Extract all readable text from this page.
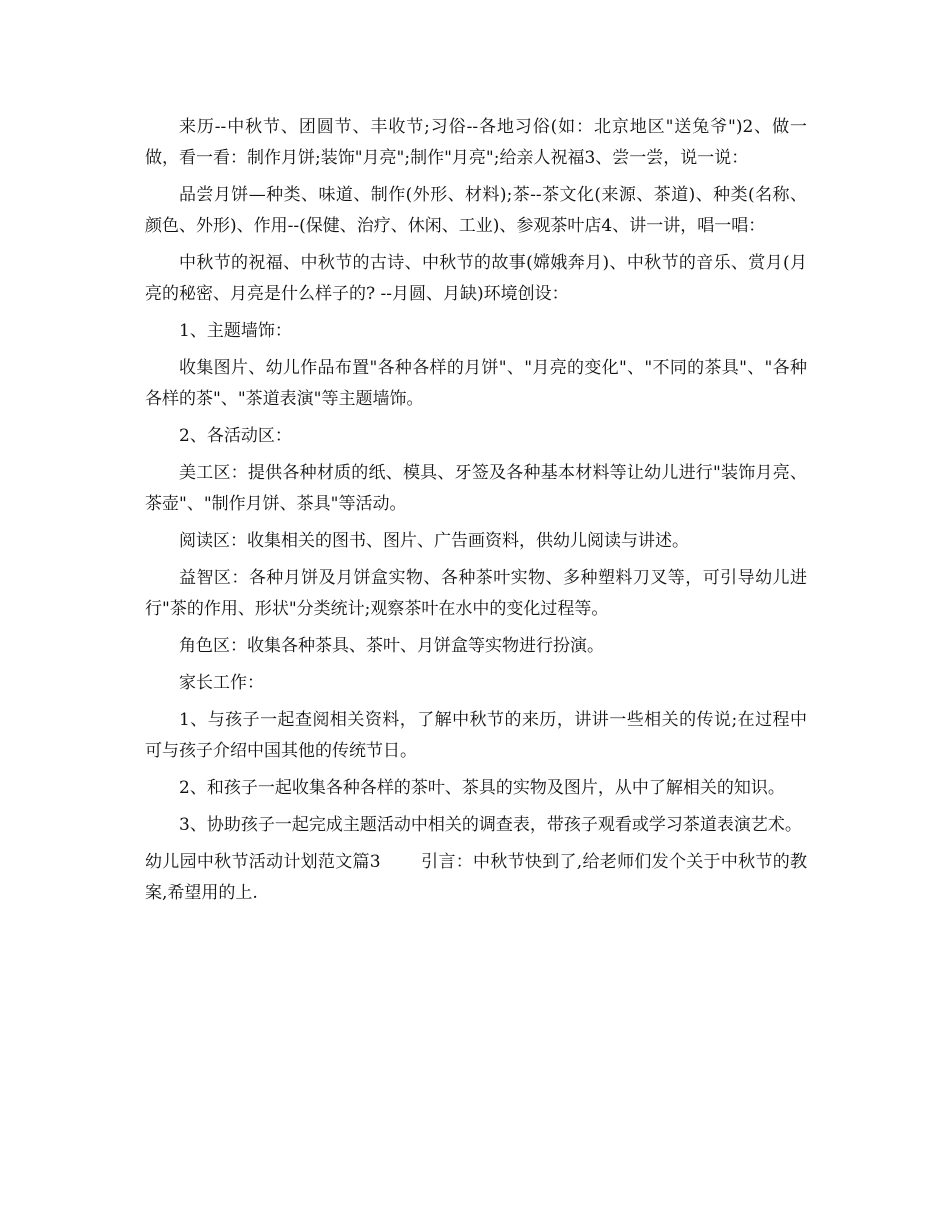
来历--中秋节、团圆节、丰收节;习俗--各地习俗(如：北京地区"送兔爷")2、做一做，看一看：制作月饼;装饰"月亮";制作"月亮";给亲人祝福3、尝一尝，说一说：

品尝月饼—种类、味道、制作(外形、材料);茶--茶文化(来源、茶道)、种类(名称、颜色、外形)、作用--(保健、治疗、休闲、工业)、参观茶叶店4、讲一讲，唱一唱：

中秋节的祝福、中秋节的古诗、中秋节的故事(嫦娥奔月)、中秋节的音乐、赏月(月亮的秘密、月亮是什么样子的? --月圆、月缺)环境创设：

1、主题墙饰：

收集图片、幼儿作品布置"各种各样的月饼"、"月亮的变化"、"不同的茶具"、"各种各样的茶"、"茶道表演"等主题墙饰。

2、各活动区：

美工区：提供各种材质的纸、模具、牙签及各种基本材料等让幼儿进行"装饰月亮、茶壶"、"制作月饼、茶具"等活动。

阅读区：收集相关的图书、图片、广告画资料，供幼儿阅读与讲述。

益智区：各种月饼及月饼盒实物、各种茶叶实物、多种塑料刀叉等，可引导幼儿进行"茶的作用、形状"分类统计;观察茶叶在水中的变化过程等。

角色区：收集各种茶具、茶叶、月饼盒等实物进行扮演。

家长工作：

1、与孩子一起查阅相关资料，了解中秋节的来历，讲讲一些相关的传说;在过程中可与孩子介绍中国其他的传统节日。

2、和孩子一起收集各种各样的茶叶、茶具的实物及图片，从中了解相关的知识。

3、协助孩子一起完成主题活动中相关的调查表，带孩子观看或学习茶道表演艺术。

幼儿园中秋节活动计划范文篇3　　 引言：中秋节快到了,给老师们发个关于中秋节的教案,希望用的上.
